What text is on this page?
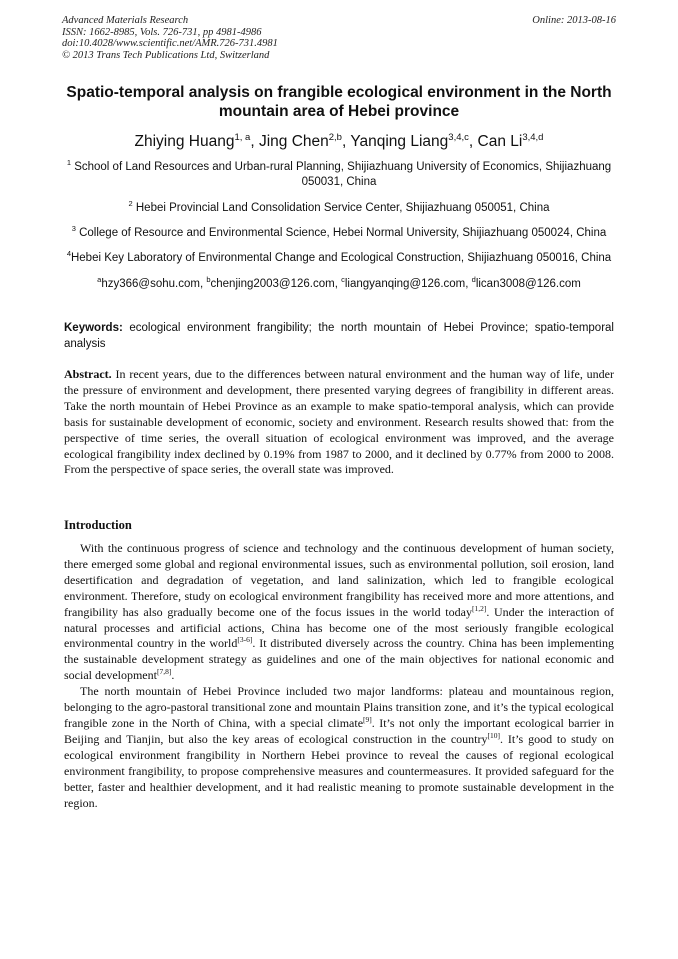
Advanced Materials Research
ISSN: 1662-8985, Vols. 726-731, pp 4981-4986
doi:10.4028/www.scientific.net/AMR.726-731.4981
© 2013 Trans Tech Publications Ltd, Switzerland
Online: 2013-08-16
Spatio-temporal analysis on frangible ecological environment in the North mountain area of Hebei province
Zhiying Huang$^{1, a}$, Jing Chen$^{2,b}$, Yanqing Liang$^{3,4,c}$, Can Li$^{3,4,d}$
$^1$ School of Land Resources and Urban-rural Planning, Shijiazhuang University of Economics, Shijiazhuang 050031, China
$^2$ Hebei Provincial Land Consolidation Service Center, Shijiazhuang 050051, China
$^3$ College of Resource and Environmental Science, Hebei Normal University, Shijiazhuang 050024, China
$^4$Hebei Key Laboratory of Environmental Change and Ecological Construction, Shijiazhuang 050016, China
$^a$hzy366@sohu.com, $^b$chenjing2003@126.com, $^c$liangyanqing@126.com, $^d$lican3008@126.com
Keywords: ecological environment frangibility; the north mountain of Hebei Province; spatio-temporal analysis
Abstract. In recent years, due to the differences between natural environment and the human way of life, under the pressure of environment and development, there presented varying degrees of frangibility in different areas. Take the north mountain of Hebei Province as an example to make spatio-temporal analysis, which can provide basis for sustainable development of economic, society and environment. Research results showed that: from the perspective of time series, the overall situation of ecological environment was improved, and the average ecological frangibility index declined by 0.19% from 1987 to 2000, and it declined by 0.77% from 2000 to 2008. From the perspective of space series, the overall state was improved.
Introduction

With the continuous progress of science and technology and the continuous development of human society, there emerged some global and regional environmental issues, such as environmental pollution, soil erosion, land desertification and degradation of vegetation, and land salinization, which led to frangible ecological environment. Therefore, study on ecological environment frangibility has received more and more attentions, and frangibility has also gradually become one of the focus issues in the world today[1,2]. Under the interaction of natural processes and artificial actions, China has become one of the most seriously frangible ecological environmental country in the world[3-6]. It distributed diversely across the country. China has been implementing the sustainable development strategy as guidelines and one of the main objectives for national economic and social development[7,8].

The north mountain of Hebei Province included two major landforms: plateau and mountainous region, belonging to the agro-pastoral transitional zone and mountain Plains transition zone, and it’s the typical ecological frangible zone in the North of China, with a special climate[9]. It’s not only the important ecological barrier in Beijing and Tianjin, but also the key areas of ecological construction in the country[10]. It’s good to study on ecological environment frangibility in Northern Hebei province to reveal the causes of regional ecological environment frangibility, to propose comprehensive measures and countermeasures. It provided safeguard for the better, faster and healthier development, and it had realistic meaning to promote sustainable development in the region.
